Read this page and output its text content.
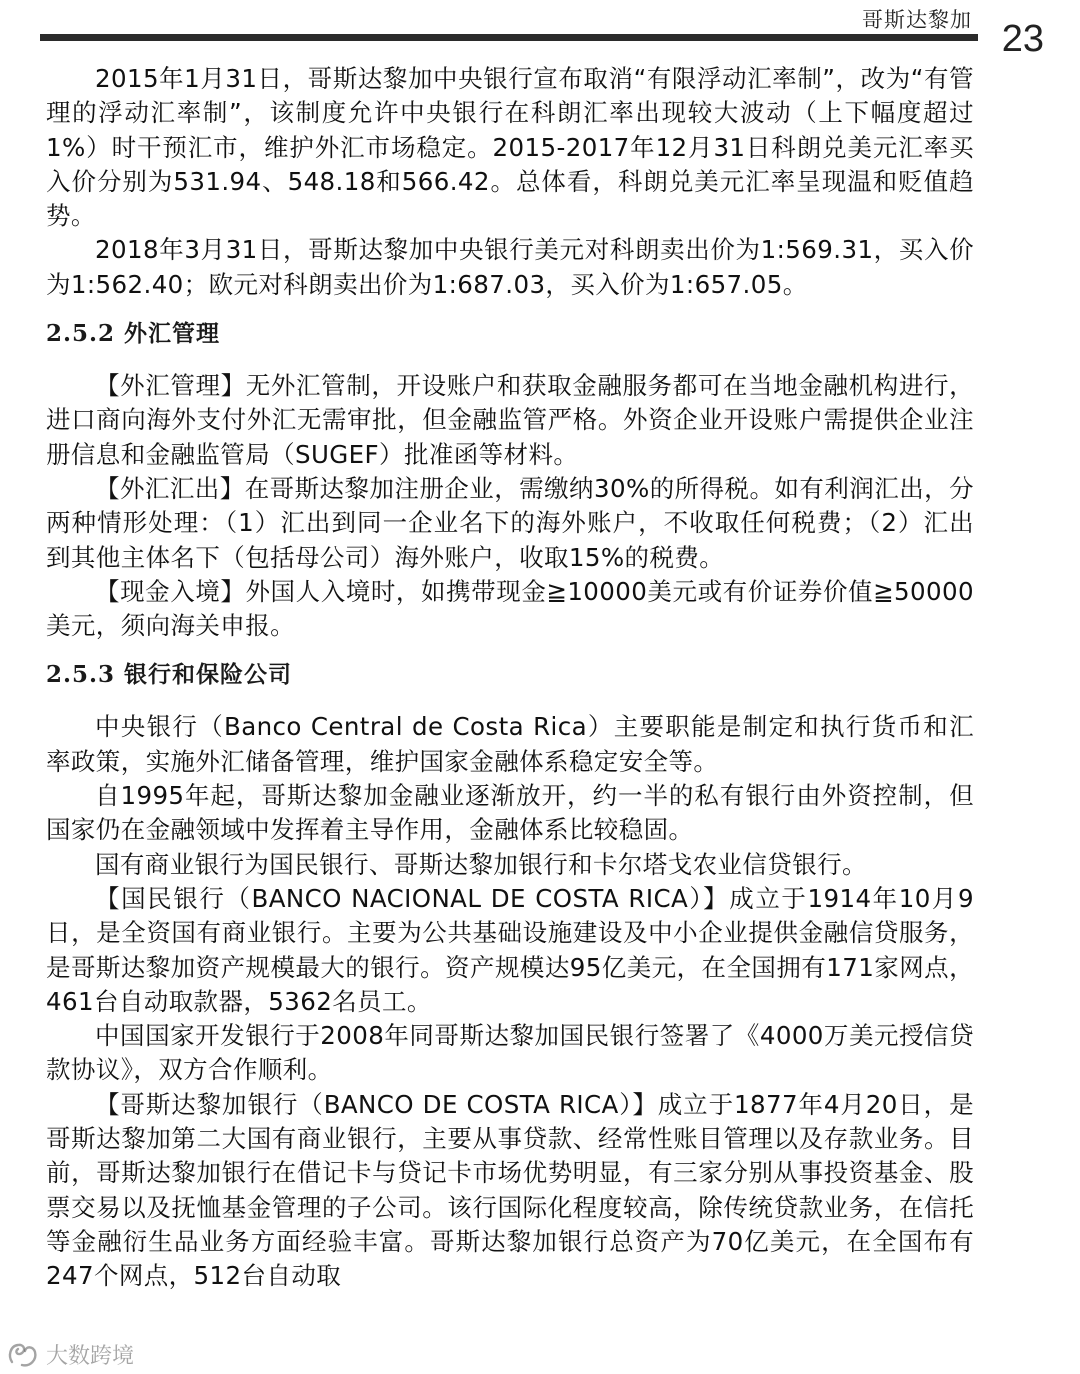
哥斯达黎加 23

2015年1月31日，哥斯达黎加中央银行宣布取消“有限浮动汇率制”，改为“有管理的浮动汇率制”，该制度允许中央银行在科朗汇率出现较大波动（上下幅度超过1%）时干预汇市，维护外汇市场稳定。2015-2017年12月31日科朗兑美元汇率买入价分别为531.94、548.18和566.42。总体看，科朗兑美元汇率呈现温和贬值趋势。

2018年3月31日，哥斯达黎加中央银行美元对科朗卖出价为1:569.31，买入价为1:562.40；欧元对科朗卖出价为1:687.03，买入价为1:657.05。

2.5.2 外汇管理

【外汇管理】无外汇管制，开设账户和获取金融服务都可在当地金融机构进行，进口商向海外支付外汇无需审批，但金融监管严格。外资企业开设账户需提供企业注册信息和金融监管局（SUGEF）批准函等材料。

【外汇汇出】在哥斯达黎加注册企业，需缴纳30%的所得税。如有利润汇出，分两种情形处理：（1）汇出到同一企业名下的海外账户，不收取任何税费；（2）汇出到其他主体名下（包括母公司）海外账户，收取15%的税费。

【现金入境】外国人入境时，如携带现金≧10000美元或有价证券价值≧50000美元，须向海关申报。

2.5.3 银行和保险公司

中央银行（Banco Central de Costa Rica）主要职能是制定和执行货币和汇率政策，实施外汇储备管理，维护国家金融体系稳定安全等。

自1995年起，哥斯达黎加金融业逐渐放开，约一半的私有银行由外资控制，但国家仍在金融领域中发挥着主导作用，金融体系比较稳固。

国有商业银行为国民银行、哥斯达黎加银行和卡尔塔戈农业信贷银行。

【国民银行（BANCO NACIONAL DE COSTA RICA）】成立于1914年10月9日，是全资国有商业银行。主要为公共基础设施建设及中小企业提供金融信贷服务，是哥斯达黎加资产规模最大的银行。资产规模达95亿美元，在全国拥有171家网点，461台自动取款器，5362名员工。

中国国家开发银行于2008年同哥斯达黎加国民银行签署了《4000万美元授信贷款协议》，双方合作顺利。

【哥斯达黎加银行（BANCO DE COSTA RICA）】成立于1877年4月20日，是哥斯达黎加第二大国有商业银行，主要从事贷款、经常性账目管理以及存款业务。目前，哥斯达黎加银行在借记卡与贷记卡市场优势明显，有三家分别从事投资基金、股票交易以及抚恤基金管理的子公司。该行国际化程度较高，除传统贷款业务，在信托等金融衍生品业务方面经验丰富。哥斯达黎加银行总资产为70亿美元，在全国布有247个网点，512台自动取

大数跨境
